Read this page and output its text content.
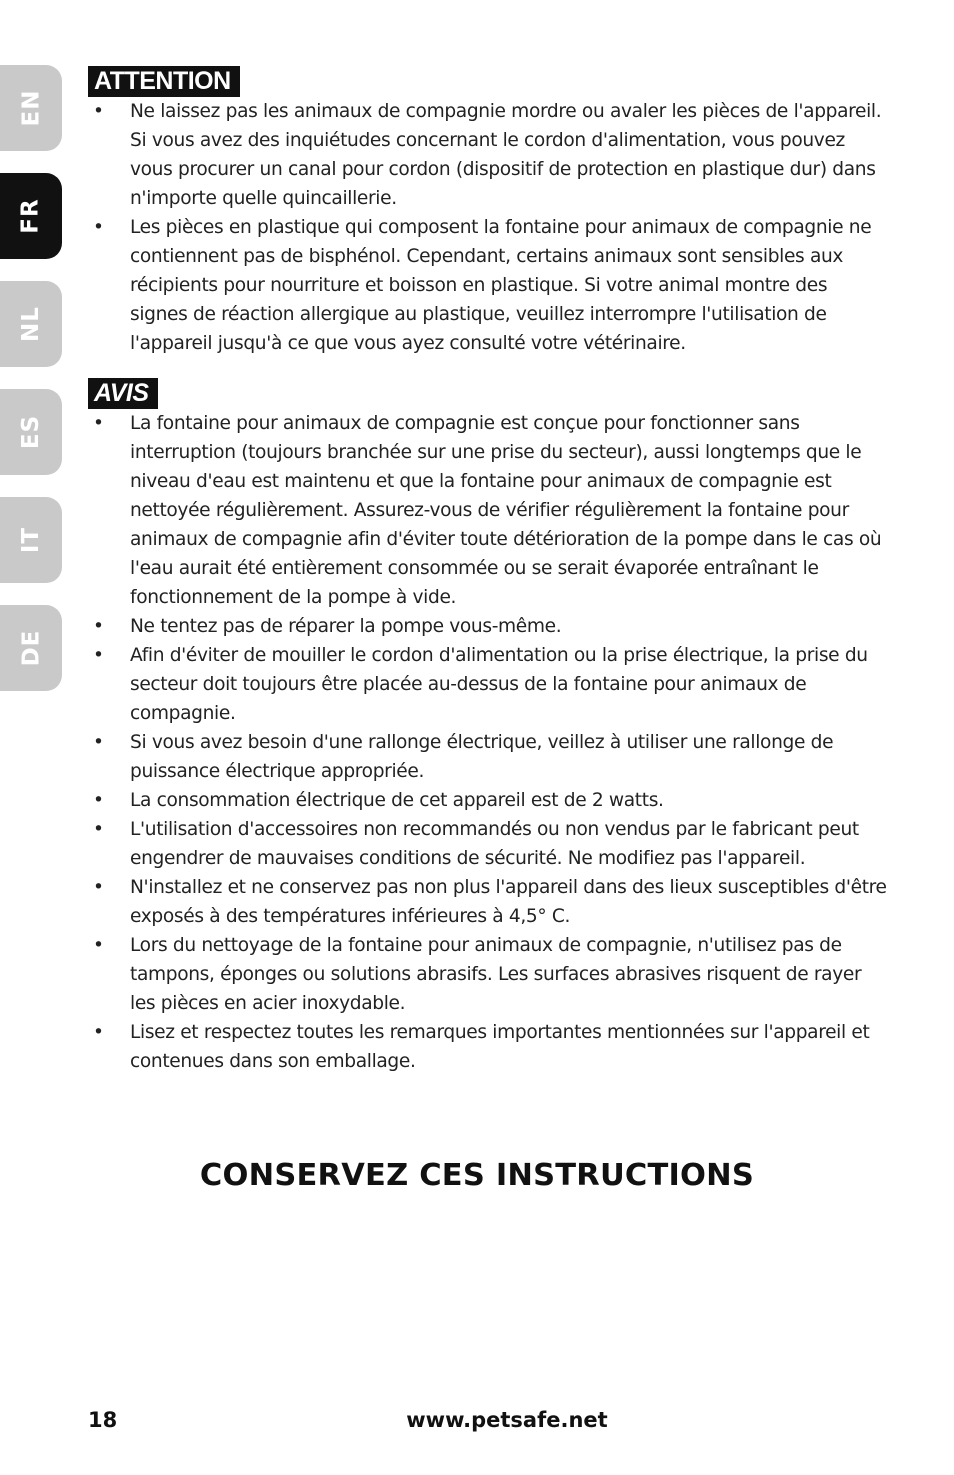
EN
FR
NL
ES
IT
DE
ATTENTION
• Ne laissez pas les animaux de compagnie mordre ou avaler les pièces de l'appareil. Si vous avez des inquiétudes concernant le cordon d'alimentation, vous pouvez vous procurer un canal pour cordon (dispositif de protection en plastique dur) dans n'importe quelle quincaillerie.
• Les pièces en plastique qui composent la fontaine pour animaux de compagnie ne contiennent pas de bisphénol. Cependant, certains animaux sont sensibles aux récipients pour nourriture et boisson en plastique. Si votre animal montre des signes de réaction allergique au plastique, veuillez interrompre l'utilisation de l'appareil jusqu'à ce que vous ayez consulté votre vétérinaire.
AVIS
• La fontaine pour animaux de compagnie est conçue pour fonctionner sans interruption (toujours branchée sur une prise du secteur), aussi longtemps que le niveau d'eau est maintenu et que la fontaine pour animaux de compagnie est nettoyée régulièrement. Assurez-vous de vérifier régulièrement la fontaine pour animaux de compagnie afin d'éviter toute détérioration de la pompe dans le cas où l'eau aurait été entièrement consommée ou se serait évaporée entraînant le fonctionnement de la pompe à vide.
• Ne tentez pas de réparer la pompe vous-même.
• Afin d'éviter de mouiller le cordon d'alimentation ou la prise électrique, la prise du secteur doit toujours être placée au-dessus de la fontaine pour animaux de compagnie.
• Si vous avez besoin d'une rallonge électrique, veillez à utiliser une rallonge de puissance électrique appropriée.
• La consommation électrique de cet appareil est de 2 watts.
• L'utilisation d'accessoires non recommandés ou non vendus par le fabricant peut engendrer de mauvaises conditions de sécurité. Ne modifiez pas l'appareil.
• N'installez et ne conservez pas non plus l'appareil dans des lieux susceptibles d'être exposés à des températures inférieures à 4,5° C.
• Lors du nettoyage de la fontaine pour animaux de compagnie, n'utilisez pas de tampons, éponges ou solutions abrasifs. Les surfaces abrasives risquent de rayer les pièces en acier inoxydable.
• Lisez et respectez toutes les remarques importantes mentionnées sur l'appareil et contenues dans son emballage.
CONSERVEZ CES INSTRUCTIONS
18	www.petsafe.net
